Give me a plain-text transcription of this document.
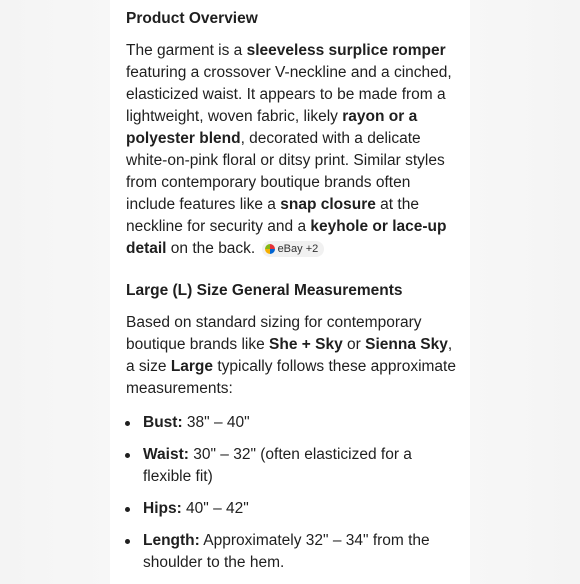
Product Overview
The garment is a sleeveless surplice romper featuring a crossover V-neckline and a cinched, elasticized waist. It appears to be made from a lightweight, woven fabric, likely rayon or a polyester blend, decorated with a delicate white-on-pink floral or ditsy print. Similar styles from contemporary boutique brands often include features like a snap closure at the neckline for security and a keyhole or lace-up detail on the back. eBay +2
Large (L) Size General Measurements
Based on standard sizing for contemporary boutique brands like She + Sky or Sienna Sky, a size Large typically follows these approximate measurements:
Bust: 38" – 40"
Waist: 30" – 32" (often elasticized for a flexible fit)
Hips: 40" – 42"
Length: Approximately 32" – 34" from the shoulder to the hem.
